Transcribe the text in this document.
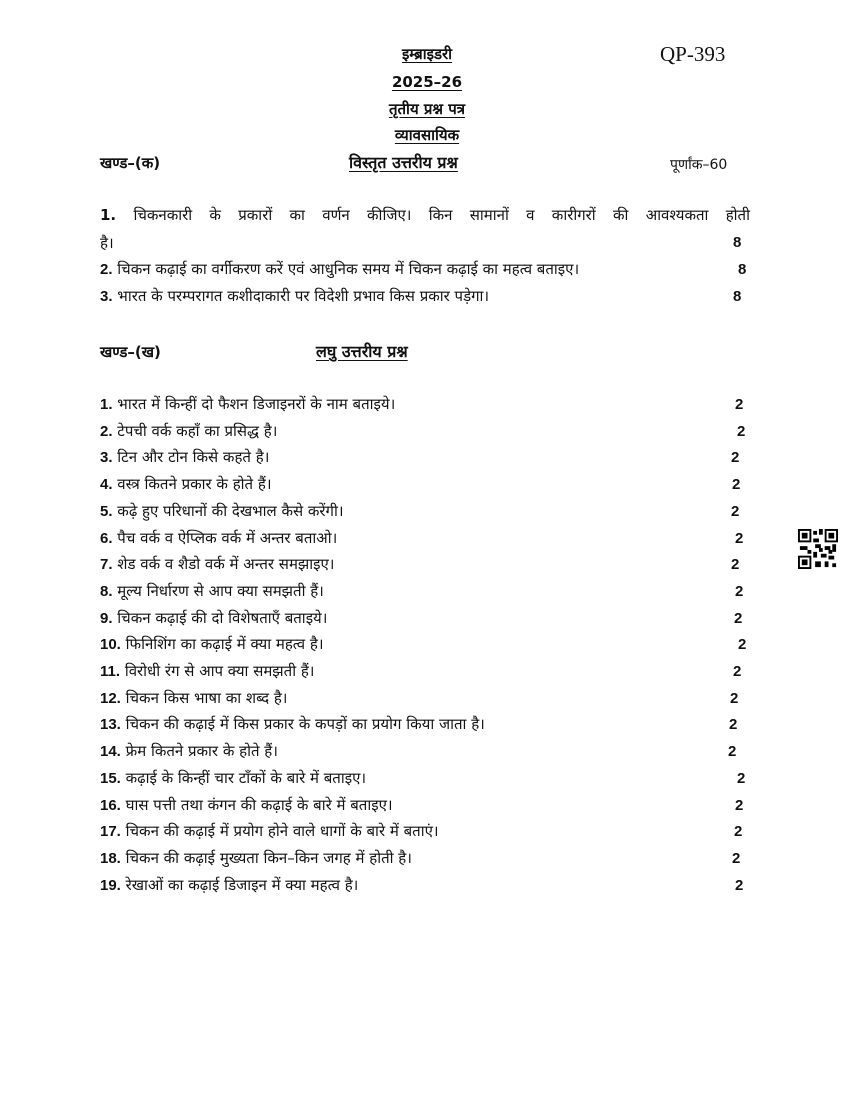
इम्ब्राइडरी
2025–26
तृतीय प्रश्न पत्र
व्यावसायिक
QP-393
खण्ड–(क)	विस्तृत उत्तरीय प्रश्न	पूर्णांक–60
1. चिकनकारी के प्रकारों का वर्णन कीजिए। किन सामानों व कारीगरों की आवश्यकता होती
है।	8
2. चिकन कढ़ाई का वर्गीकरण करें एवं आधुनिक समय में चिकन कढ़ाई का महत्व बताइए।	8
3. भारत के परम्परागत कशीदाकारी पर विदेशी प्रभाव किस प्रकार पड़ेगा।	8
खण्ड–(ख)	लघु उत्तरीय प्रश्न
1. भारत में किन्हीं दो फैशन डिजाइनरों के नाम बताइये।	2
2. टेपची वर्क कहाँ का प्रसिद्ध है।	2
3. टिन और टोन किसे कहते है।	2
4. वस्त्र कितने प्रकार के होते हैं।	2
5. कढ़े हुए परिधानों की देखभाल कैसे करेंगी।	2
6. पैच वर्क व ऐप्लिक वर्क में अन्तर बताओ।	2
7. शेड वर्क व शैडो वर्क में अन्तर समझाइए।	2
8. मूल्य निर्धारण से आप क्या समझती हैं।	2
9. चिकन कढ़ाई की दो विशेषताएँ बताइये।	2
10. फिनिशिंग का कढ़ाई में क्या महत्व है।	2
11. विरोधी रंग से आप क्या समझती हैं।	2
12. चिकन किस भाषा का शब्द है।	2
13. चिकन की कढ़ाई में किस प्रकार के कपड़ों का प्रयोग किया जाता है।	2
14. फ्रेम कितने प्रकार के होते हैं।	2
15. कढ़ाई के किन्हीं चार टाँकों के बारे में बताइए।	2
16. घास पत्ती तथा कंगन की कढ़ाई के बारे में बताइए।	2
17. चिकन की कढ़ाई में प्रयोग होने वाले धागों के बारे में बताएं।	2
18. चिकन की कढ़ाई मुख्यता किन–किन जगह में होती है।	2
19. रेखाओं का कढ़ाई डिजाइन में क्या महत्व है।	2
